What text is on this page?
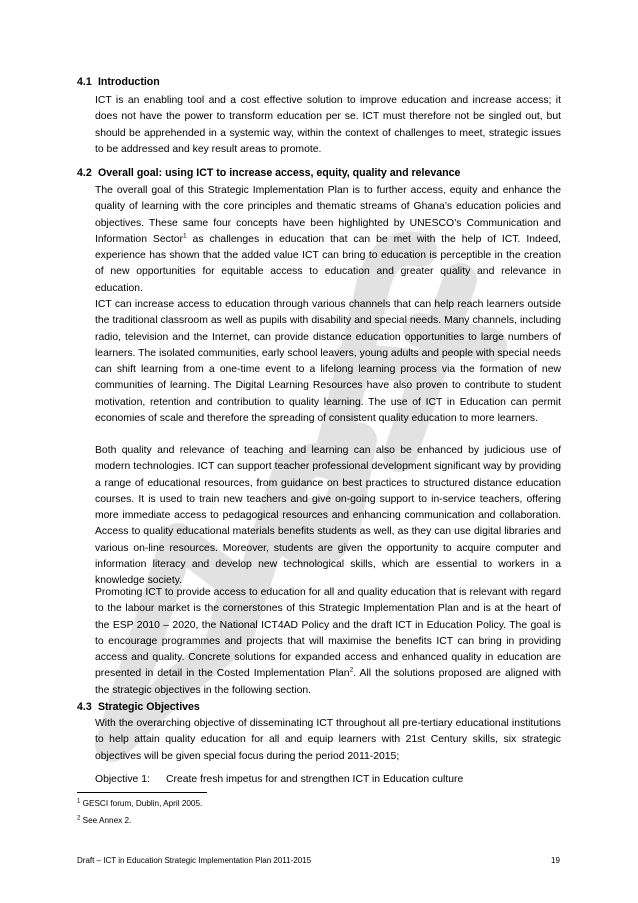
4.1 Introduction
ICT is an enabling tool and a cost effective solution to improve education and increase access; it does not have the power to transform education per se. ICT must therefore not be singled out, but should be apprehended in a systemic way, within the context of challenges to meet, strategic issues to be addressed and key result areas to promote.
4.2 Overall goal: using ICT to increase access, equity, quality and relevance
The overall goal of this Strategic Implementation Plan is to further access, equity and enhance the quality of learning with the core principles and thematic streams of Ghana’s education policies and objectives. These same four concepts have been highlighted by UNESCO’s Communication and Information Sector$^1$ as challenges in education that can be met with the help of ICT. Indeed, experience has shown that the added value ICT can bring to education is perceptible in the creation of new opportunities for equitable access to education and greater quality and relevance in education.
ICT can increase access to education through various channels that can help reach learners outside the traditional classroom as well as pupils with disability and special needs. Many channels, including radio, television and the Internet, can provide distance education opportunities to large numbers of learners. The isolated communities, early school leavers, young adults and people with special needs can shift learning from a one-time event to a lifelong learning process via the formation of new communities of learning. The Digital Learning Resources have also proven to contribute to student motivation, retention and contribution to quality learning. The use of ICT in Education can permit economies of scale and therefore the spreading of consistent quality education to more learners.
Both quality and relevance of teaching and learning can also be enhanced by judicious use of modern technologies. ICT can support teacher professional development significant way by providing a range of educational resources, from guidance on best practices to structured distance education courses. It is used to train new teachers and give on-going support to in-service teachers, offering more immediate access to pedagogical resources and enhancing communication and collaboration. Access to quality educational materials benefits students as well, as they can use digital libraries and various on-line resources. Moreover, students are given the opportunity to acquire computer and information literacy and develop new technological skills, which are essential to workers in a knowledge society.
Promoting ICT to provide access to education for all and quality education that is relevant with regard to the labour market is the cornerstones of this Strategic Implementation Plan and is at the heart of the ESP 2010 – 2020, the National ICT4AD Policy and the draft ICT in Education Policy. The goal is to encourage programmes and projects that will maximise the benefits ICT can bring in providing access and quality. Concrete solutions for expanded access and enhanced quality in education are presented in detail in the Costed Implementation Plan$^2$. All the solutions proposed are aligned with the strategic objectives in the following section.
4.3 Strategic Objectives
With the overarching objective of disseminating ICT throughout all pre-tertiary educational institutions to help attain quality education for all and equip learners with 21st Century skills, six strategic objectives will be given special focus during the period 2011-2015;
Objective 1: Create fresh impetus for and strengthen ICT in Education culture
$^1$ GESCI forum, Dublin, April 2005.
$^2$ See Annex 2.
Draft – ICT in Education Strategic Implementation Plan 2011-2015	19
